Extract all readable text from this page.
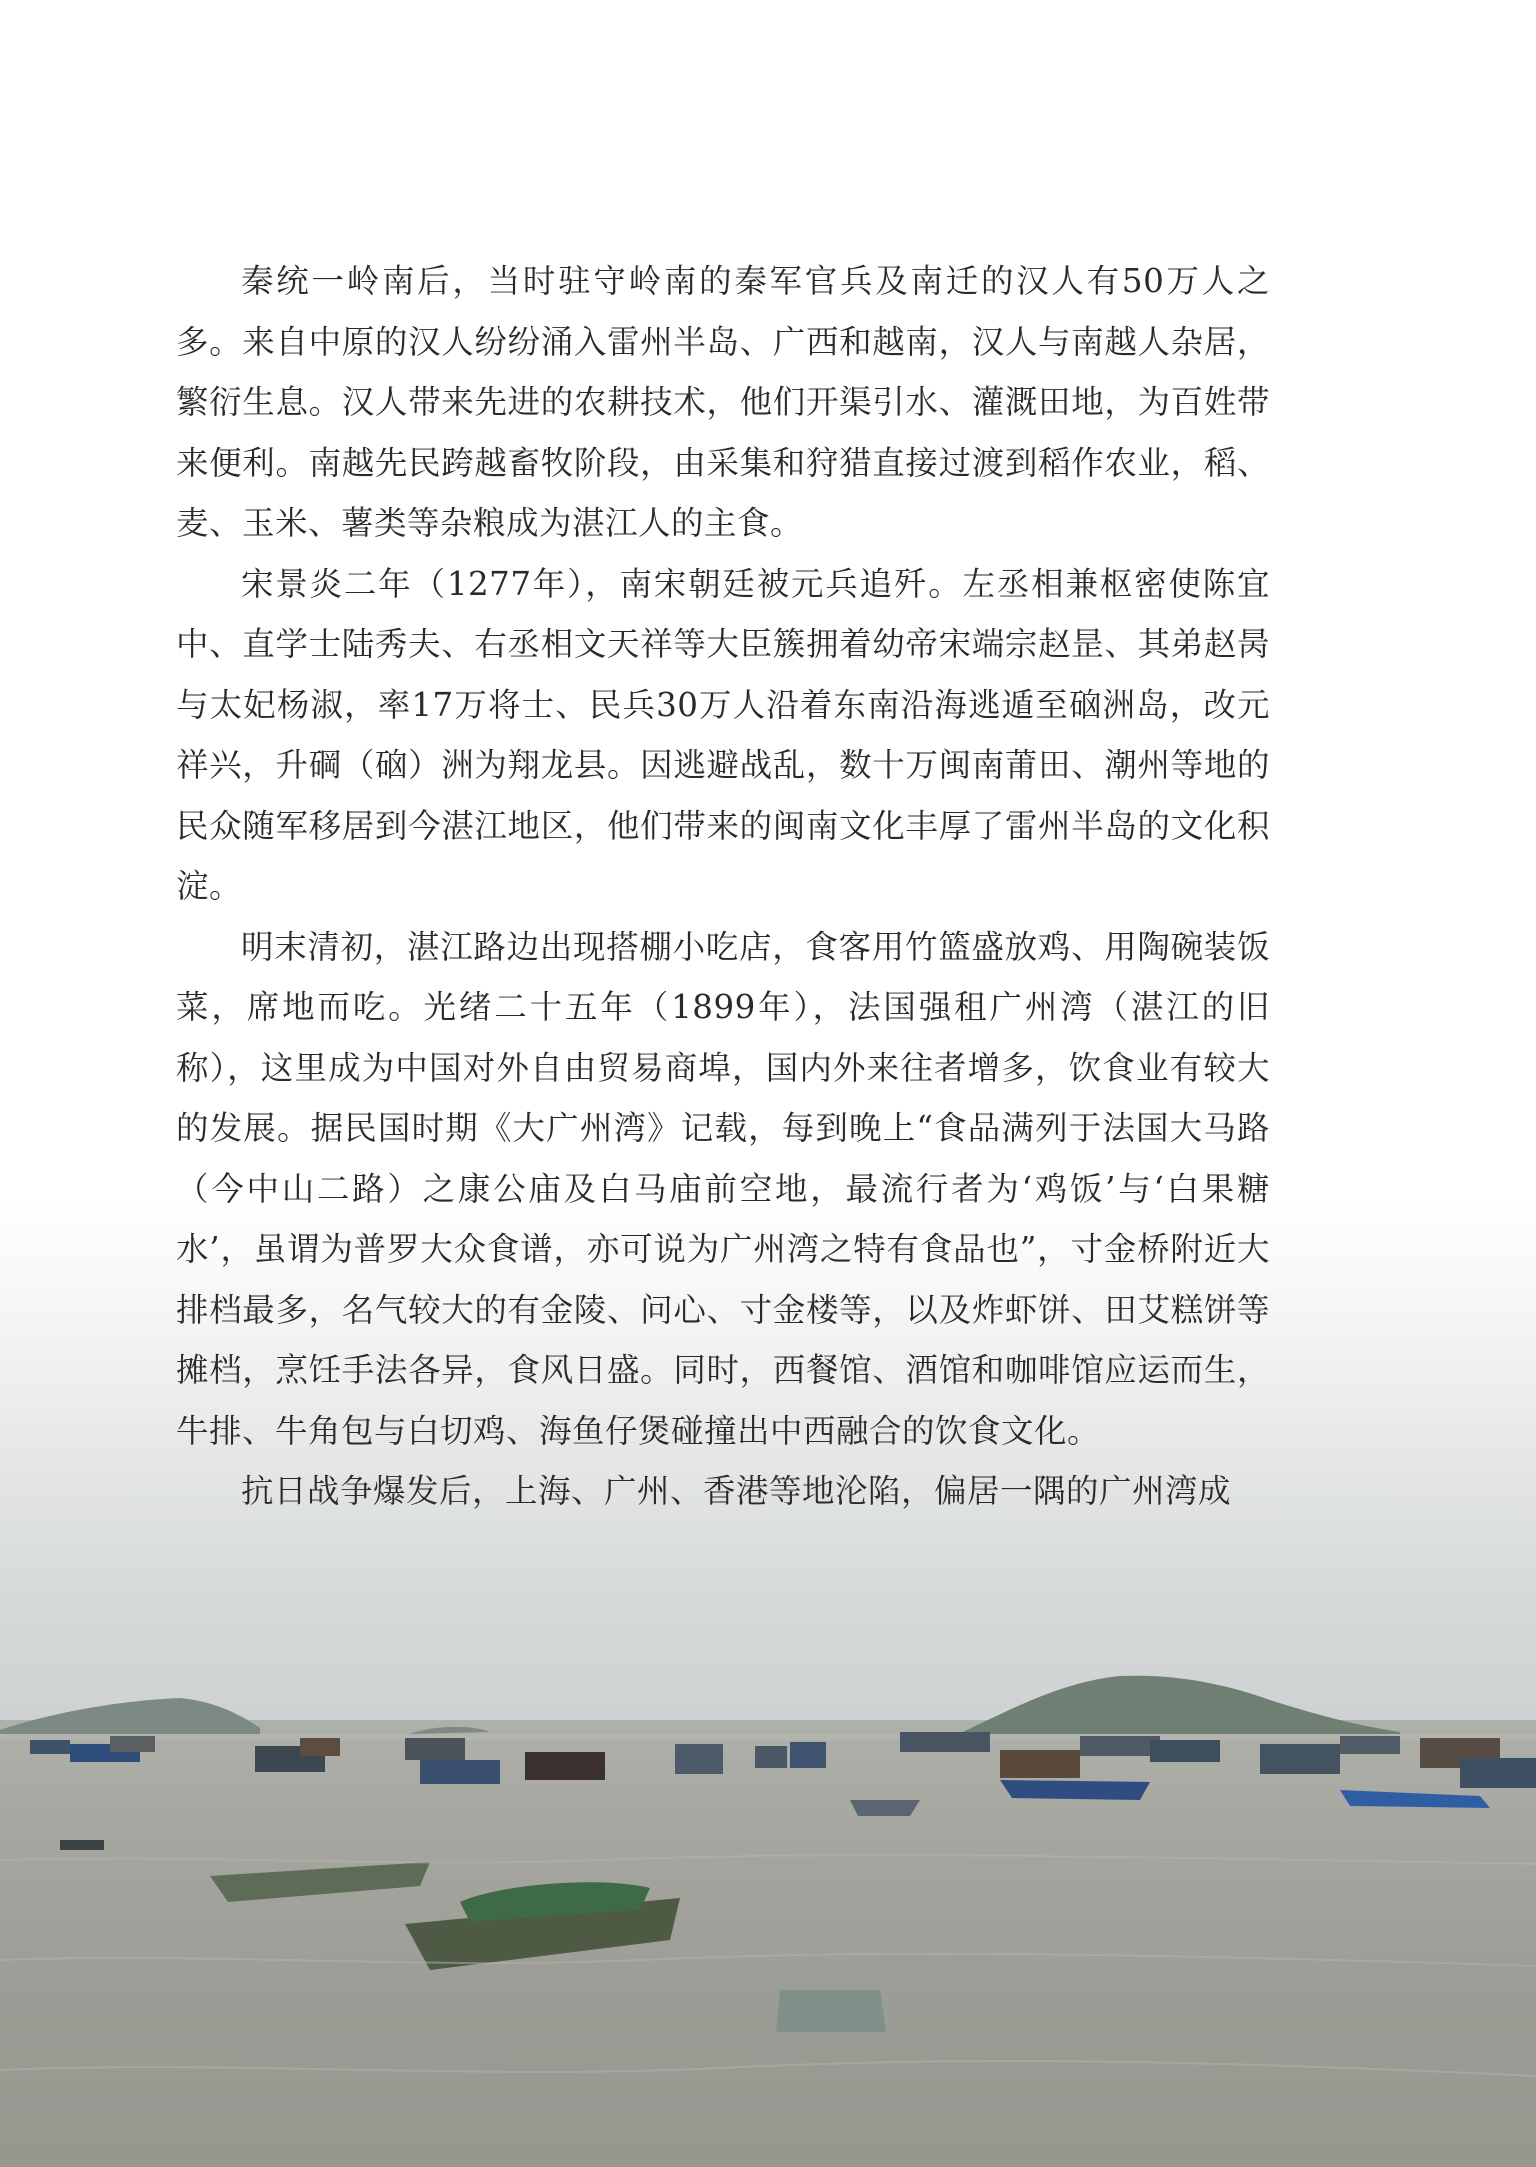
秦统一岭南后，当时驻守岭南的秦军官兵及南迁的汉人有50万人之多。来自中原的汉人纷纷涌入雷州半岛、广西和越南，汉人与南越人杂居，繁衍生息。汉人带来先进的农耕技术，他们开渠引水、灌溉田地，为百姓带来便利。南越先民跨越畜牧阶段，由采集和狩猎直接过渡到稻作农业，稻、麦、玉米、薯类等杂粮成为湛江人的主食。

宋景炎二年（1277年），南宋朝廷被元兵追歼。左丞相兼枢密使陈宜中、直学士陆秀夫、右丞相文天祥等大臣簇拥着幼帝宋端宗赵昰、其弟赵昺与太妃杨淑，率17万将士、民兵30万人沿着东南沿海逃遁至硇洲岛，改元祥兴，升碙（硇）洲为翔龙县。因逃避战乱，数十万闽南莆田、潮州等地的民众随军移居到今湛江地区，他们带来的闽南文化丰厚了雷州半岛的文化积淀。

明末清初，湛江路边出现搭棚小吃店，食客用竹篮盛放鸡、用陶碗装饭菜，席地而吃。光绪二十五年（1899年），法国强租广州湾（湛江的旧称），这里成为中国对外自由贸易商埠，国内外来往者增多，饮食业有较大的发展。据民国时期《大广州湾》记载，每到晚上“食品满列于法国大马路（今中山二路）之康公庙及白马庙前空地，最流行者为‘鸡饭’与‘白果糖水’，虽谓为普罗大众食谱，亦可说为广州湾之特有食品也”，寸金桥附近大排档最多，名气较大的有金陵、问心、寸金楼等，以及炸虾饼、田艾糕饼等摊档，烹饪手法各异，食风日盛。同时，西餐馆、酒馆和咖啡馆应运而生，牛排、牛角包与白切鸡、海鱼仔煲碰撞出中西融合的饮食文化。

抗日战争爆发后，上海、广州、香港等地沦陷，偏居一隅的广州湾成
